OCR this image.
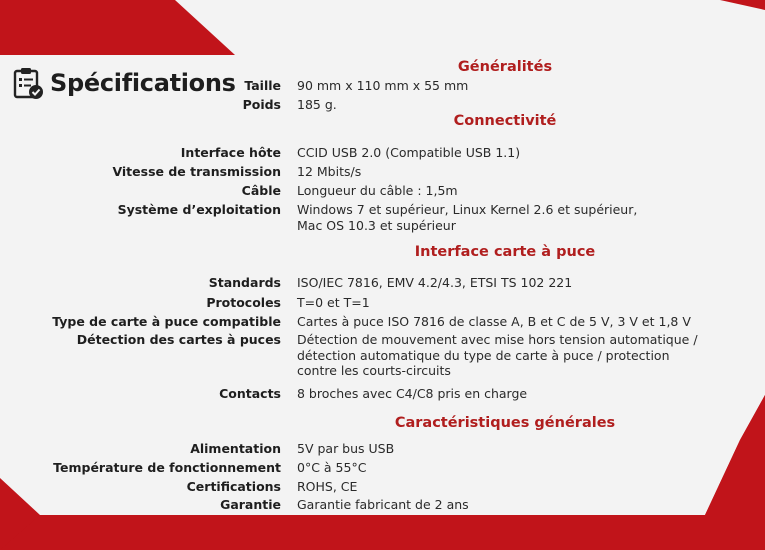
Spécifications
Généralités
Taille 90 mm x 110 mm x 55 mm
Poids 185 g.
Connectivité
Interface hôte CCID USB 2.0 (Compatible USB 1.1)
Vitesse de transmission 12 Mbits/s
Câble Longueur du câble : 1,5m
Système d’exploitation Windows 7 et supérieur, Linux Kernel 2.6 et supérieur, Mac OS 10.3 et supérieur
Interface carte à puce
Standards ISO/IEC 7816, EMV 4.2/4.3, ETSI TS 102 221
Protocoles T=0 et T=1
Type de carte à puce compatible Cartes à puce ISO 7816 de classe A, B et C de 5 V, 3 V et 1,8 V
Détection des cartes à puces Détection de mouvement avec mise hors tension automatique / détection automatique du type de carte à puce / protection contre les courts-circuits
Contacts 8 broches avec C4/C8 pris en charge
Caractéristiques générales
Alimentation 5V par bus USB
Température de fonctionnement 0°C à 55°C
Certifications ROHS, CE
Garantie Garantie fabricant de 2 ans
